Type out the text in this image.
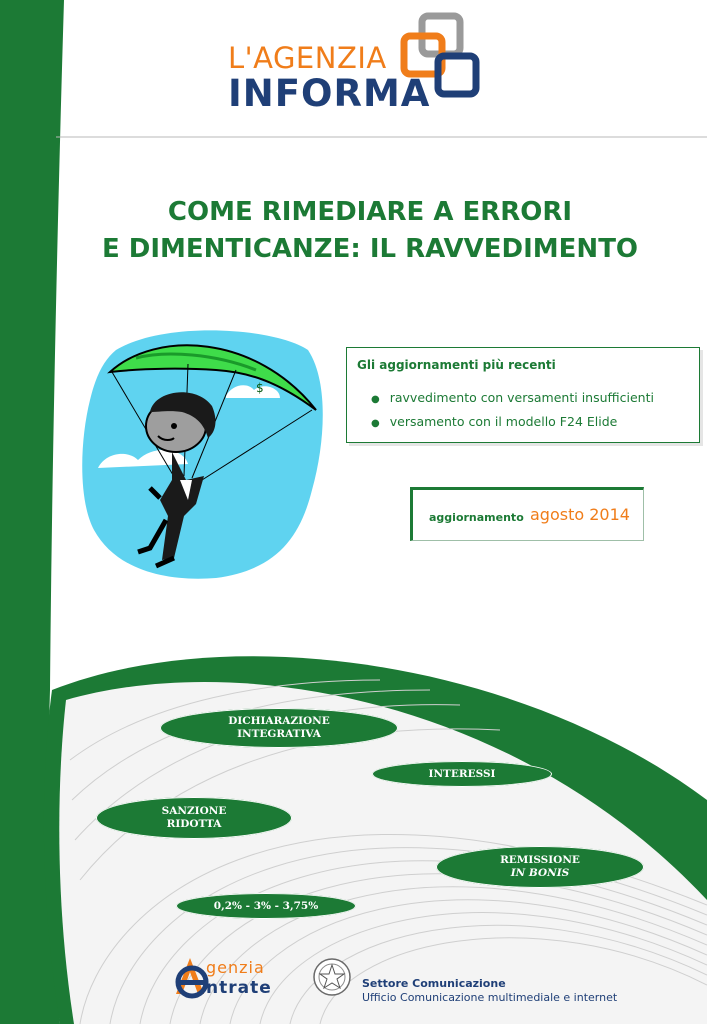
L'AGENZIA
INFORMA
COME RIMEDIARE A ERRORI
E DIMENTICANZE: IL RAVVEDIMENTO
$
Gli aggiornamenti più recenti
● ravvedimento con versamenti insufficienti
● versamento con il modello F24 Elide
aggiornamento agosto 2014
DICHIARAZIONE
INTEGRATIVA
INTERESSI
SANZIONE
RIDOTTA
REMISSIONE
IN BONIS
0,2% - 3% - 3,75%
genzia
ntrate	Settore Comunicazione
Ufficio Comunicazione multimediale e internet
